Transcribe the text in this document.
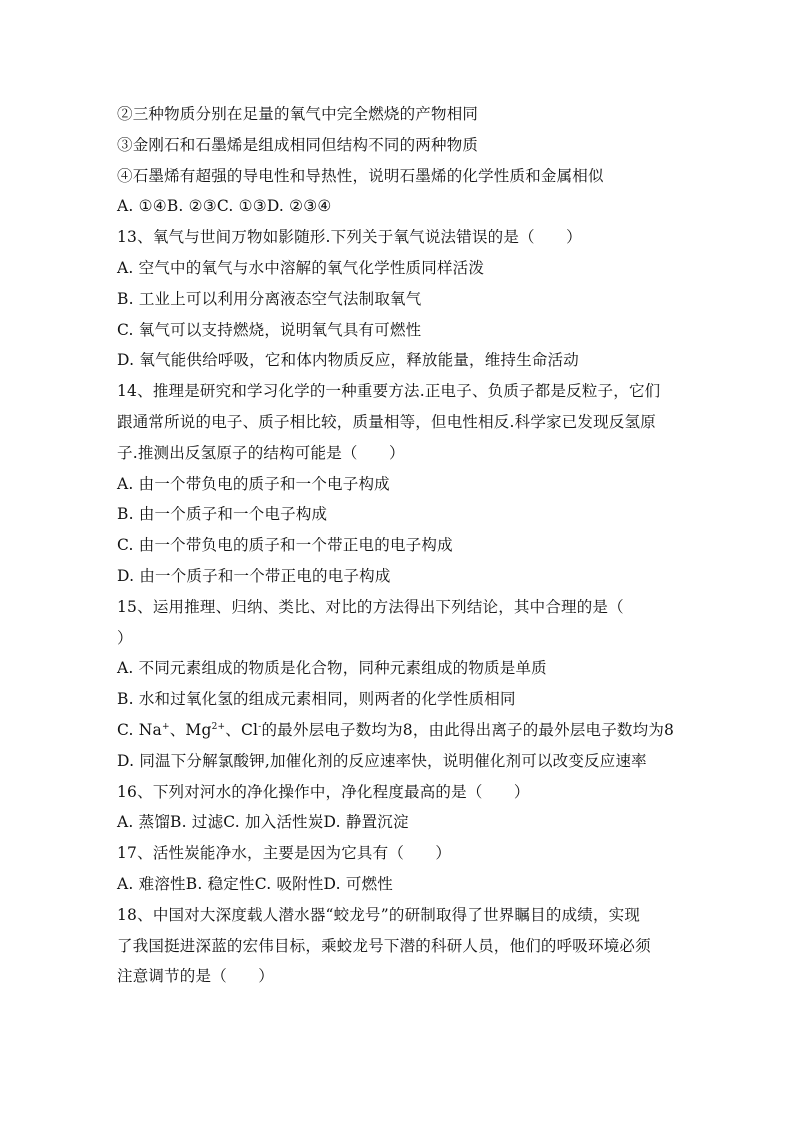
②三种物质分别在足量的氧气中完全燃烧的产物相同
③金刚石和石墨烯是组成相同但结构不同的两种物质
④石墨烯有超强的导电性和导热性，说明石墨烯的化学性质和金属相似
A. ①④B. ②③C. ①③D. ②③④
13、氧气与世间万物如影随形.下列关于氧气说法错误的是（　　）
A. 空气中的氧气与水中溶解的氧气化学性质同样活泼
B. 工业上可以利用分离液态空气法制取氧气
C. 氧气可以支持燃烧，说明氧气具有可燃性
D. 氧气能供给呼吸，它和体内物质反应，释放能量，维持生命活动
14、推理是研究和学习化学的一种重要方法.正电子、负质子都是反粒子，它们
跟通常所说的电子、质子相比较，质量相等，但电性相反.科学家已发现反氢原
子.推测出反氢原子的结构可能是（　　）
A. 由一个带负电的质子和一个电子构成
B. 由一个质子和一个电子构成
C. 由一个带负电的质子和一个带正电的电子构成
D. 由一个质子和一个带正电的电子构成
15、运用推理、归纳、类比、对比的方法得出下列结论，其中合理的是（
）
A. 不同元素组成的物质是化合物，同种元素组成的物质是单质
B. 水和过氧化氢的组成元素相同，则两者的化学性质相同
C. Na+、$Mg^{2+}$、Cl-的最外层电子数均为8，由此得出离子的最外层电子数均为8
D. 同温下分解氯酸钾,加催化剂的反应速率快，说明催化剂可以改变反应速率
16、下列对河水的净化操作中，净化程度最高的是（　　）
A. 蒸馏B. 过滤C. 加入活性炭D. 静置沉淀
17、活性炭能净水，主要是因为它具有（　　）
A. 难溶性B. 稳定性C. 吸附性D. 可燃性
18、中国对大深度载人潜水器“蛟龙号”的研制取得了世界瞩目的成绩，实现
了我国挺进深蓝的宏伟目标，乘蛟龙号下潜的科研人员，他们的呼吸环境必须
注意调节的是（　　）
